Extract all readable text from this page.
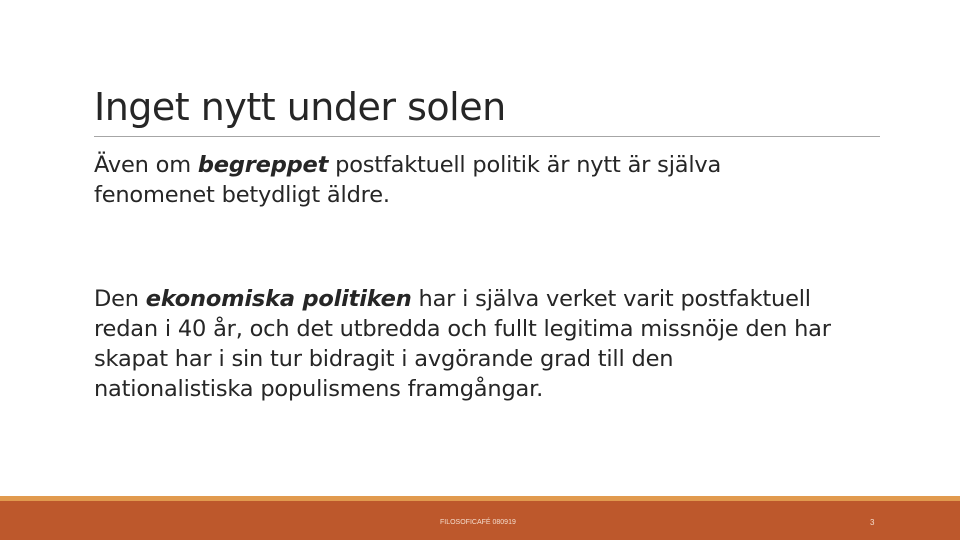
Inget nytt under solen
Även om begreppet postfaktuell politik är nytt är själva fenomenet betydligt äldre.
Den ekonomiska politiken har i själva verket varit postfaktuell redan i 40 år, och det utbredda och fullt legitima missnöje den har skapat har i sin tur bidragit i avgörande grad till den nationalistiska populismens framgångar.
FILOSOFICAFÉ 080919	3
